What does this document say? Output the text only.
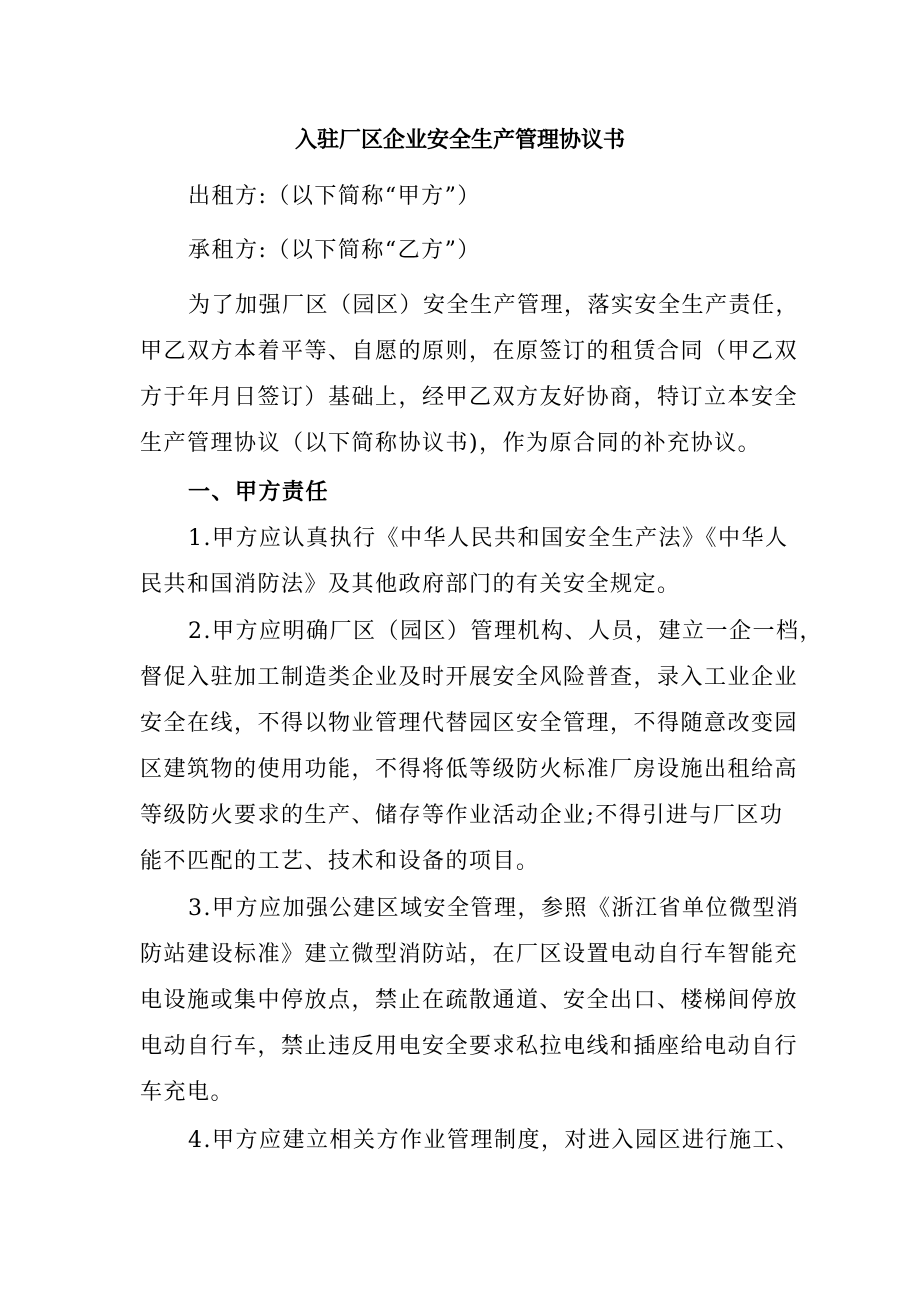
入驻厂区企业安全生产管理协议书
出租方:（以下简称“甲方”）
承租方:（以下简称“乙方”）
为了加强厂区（园区）安全生产管理，落实安全生产责任，
甲乙双方本着平等、自愿的原则，在原签订的租赁合同（甲乙双
方于年月日签订）基础上，经甲乙双方友好协商，特订立本安全
生产管理协议（以下简称协议书)，作为原合同的补充协议。
一、甲方责任
1.甲方应认真执行《中华人民共和国安全生产法》《中华人
民共和国消防法》及其他政府部门的有关安全规定。
2.甲方应明确厂区（园区）管理机构、人员，建立一企一档，
督促入驻加工制造类企业及时开展安全风险普查，录入工业企业
安全在线，不得以物业管理代替园区安全管理，不得随意改变园
区建筑物的使用功能，不得将低等级防火标准厂房设施出租给高
等级防火要求的生产、储存等作业活动企业;不得引进与厂区功
能不匹配的工艺、技术和设备的项目。
3.甲方应加强公建区域安全管理，参照《浙江省单位微型消
防站建设标准》建立微型消防站，在厂区设置电动自行车智能充
电设施或集中停放点，禁止在疏散通道、安全出口、楼梯间停放
电动自行车，禁止违反用电安全要求私拉电线和插座给电动自行
车充电。
4.甲方应建立相关方作业管理制度，对进入园区进行施工、
